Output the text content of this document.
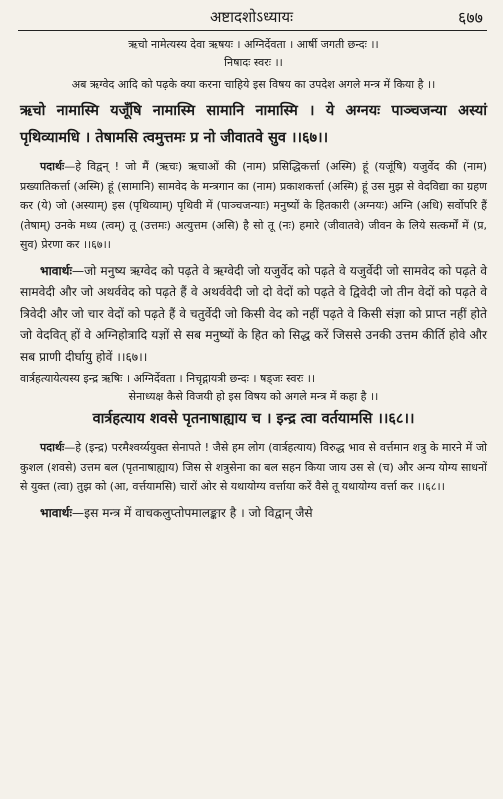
अष्टादशोऽध्यायः	६७७
ऋचो नामेत्यस्य देवा ऋषयः । अग्निर्देवता । आर्षी जगती छन्दः ।।
निषादः स्वरः ।।
अब ऋग्वेद आदि को पढ़के क्या करना चाहिये इस विषय का उपदेश अगले मन्त्र में किया है ।।
ऋचो नामास्मि यजूँषि नामास्मि सामानि नामास्मि । ये अग्नयः पाञ्चजन्या अस्यां पृथिव्यामधि । तेषामसि त्वमुत्तमः प्र नो जीवातवे सुव ।।६७।।
पदार्थः—हे विद्वन् ! जो मैं (ऋचः) ऋचाओं की (नाम) प्रसिद्धिकर्त्ता (अस्मि) हूं (यजूंषि) यजुर्वेद की (नाम) प्रख्यातिकर्त्ता (अस्मि) हूं (सामानि) सामवेद के मन्त्रगान का (नाम) प्रकाशकर्त्ता (अस्मि) हूं उस मुझ से वेदविद्या का ग्रहण कर (ये) जो (अस्याम्) इस (पृथिव्याम्) पृथिवी में (पाञ्चजन्याः) मनुष्यों के हितकारी (अग्नयः) अग्नि (अधि) सर्वोपरि हैं (तेषाम्) उनके मध्य (त्वम्) तू (उत्तमः) अत्युत्तम (असि) है सो तू (नः) हमारे (जीवातवे) जीवन के लिये सत्कर्मों में (प्र, सुव) प्रेरणा कर ।।६७।।
भावार्थः—जो मनुष्य ऋग्वेद को पढ़ते वे ऋग्वेदी जो यजुर्वेद को पढ़ते वे यजुर्वेदी जो सामवेद को पढ़ते वे सामवेदी और जो अथर्ववेद को पढ़ते हैं वे अथर्ववेदी जो दो वेदों को पढ़ते वे द्विवेदी जो तीन वेदों को पढ़ते वे त्रिवेदी और जो चार वेदों को पढ़ते हैं वे चतुर्वेदी जो किसी वेद को नहीं पढ़ते वे किसी संज्ञा को प्राप्त नहीं होते जो वेदवित् हों वे अग्निहोत्रादि यज्ञों से सब मनुष्यों के हित को सिद्ध करें जिससे उनकी उत्तम कीर्ति होवे और सब प्राणी दीर्घायु होवें ।।६७।।
वार्त्रहत्यायेत्यस्य इन्द्र ऋषिः । अग्निर्देवता । निचृद्गायत्री छन्दः । षड्जः स्वरः ।।
सेनाध्यक्ष कैसे विजयी हो इस विषय को अगले मन्त्र में कहा है ।।
वार्त्रहत्याय शवसे पृतनाषाह्याय च । इन्द्र त्वा वर्तयामसि ।।६८।।
पदार्थः—हे (इन्द्र) परमैश्वर्य्ययुक्त सेनापते ! जैसे हम लोग (वार्त्रहत्याय) विरुद्ध भाव से वर्त्तमान शत्रु के मारने में जो कुशल (शवसे) उत्तम बल (पृतनाषाह्याय) जिस से शत्रुसेना का बल सहन किया जाय उस से (च) और अन्य योग्य साधनों से युक्त (त्वा) तुझ को (आ, वर्त्तयामसि) चारों ओर से यथायोग्य वर्त्ताया करें वैसे तू यथायोग्य वर्त्ता कर ।।६८।।
भावार्थः—इस मन्त्र में वाचकलुप्तोपमालङ्कार है । जो विद्वान् जैसे
